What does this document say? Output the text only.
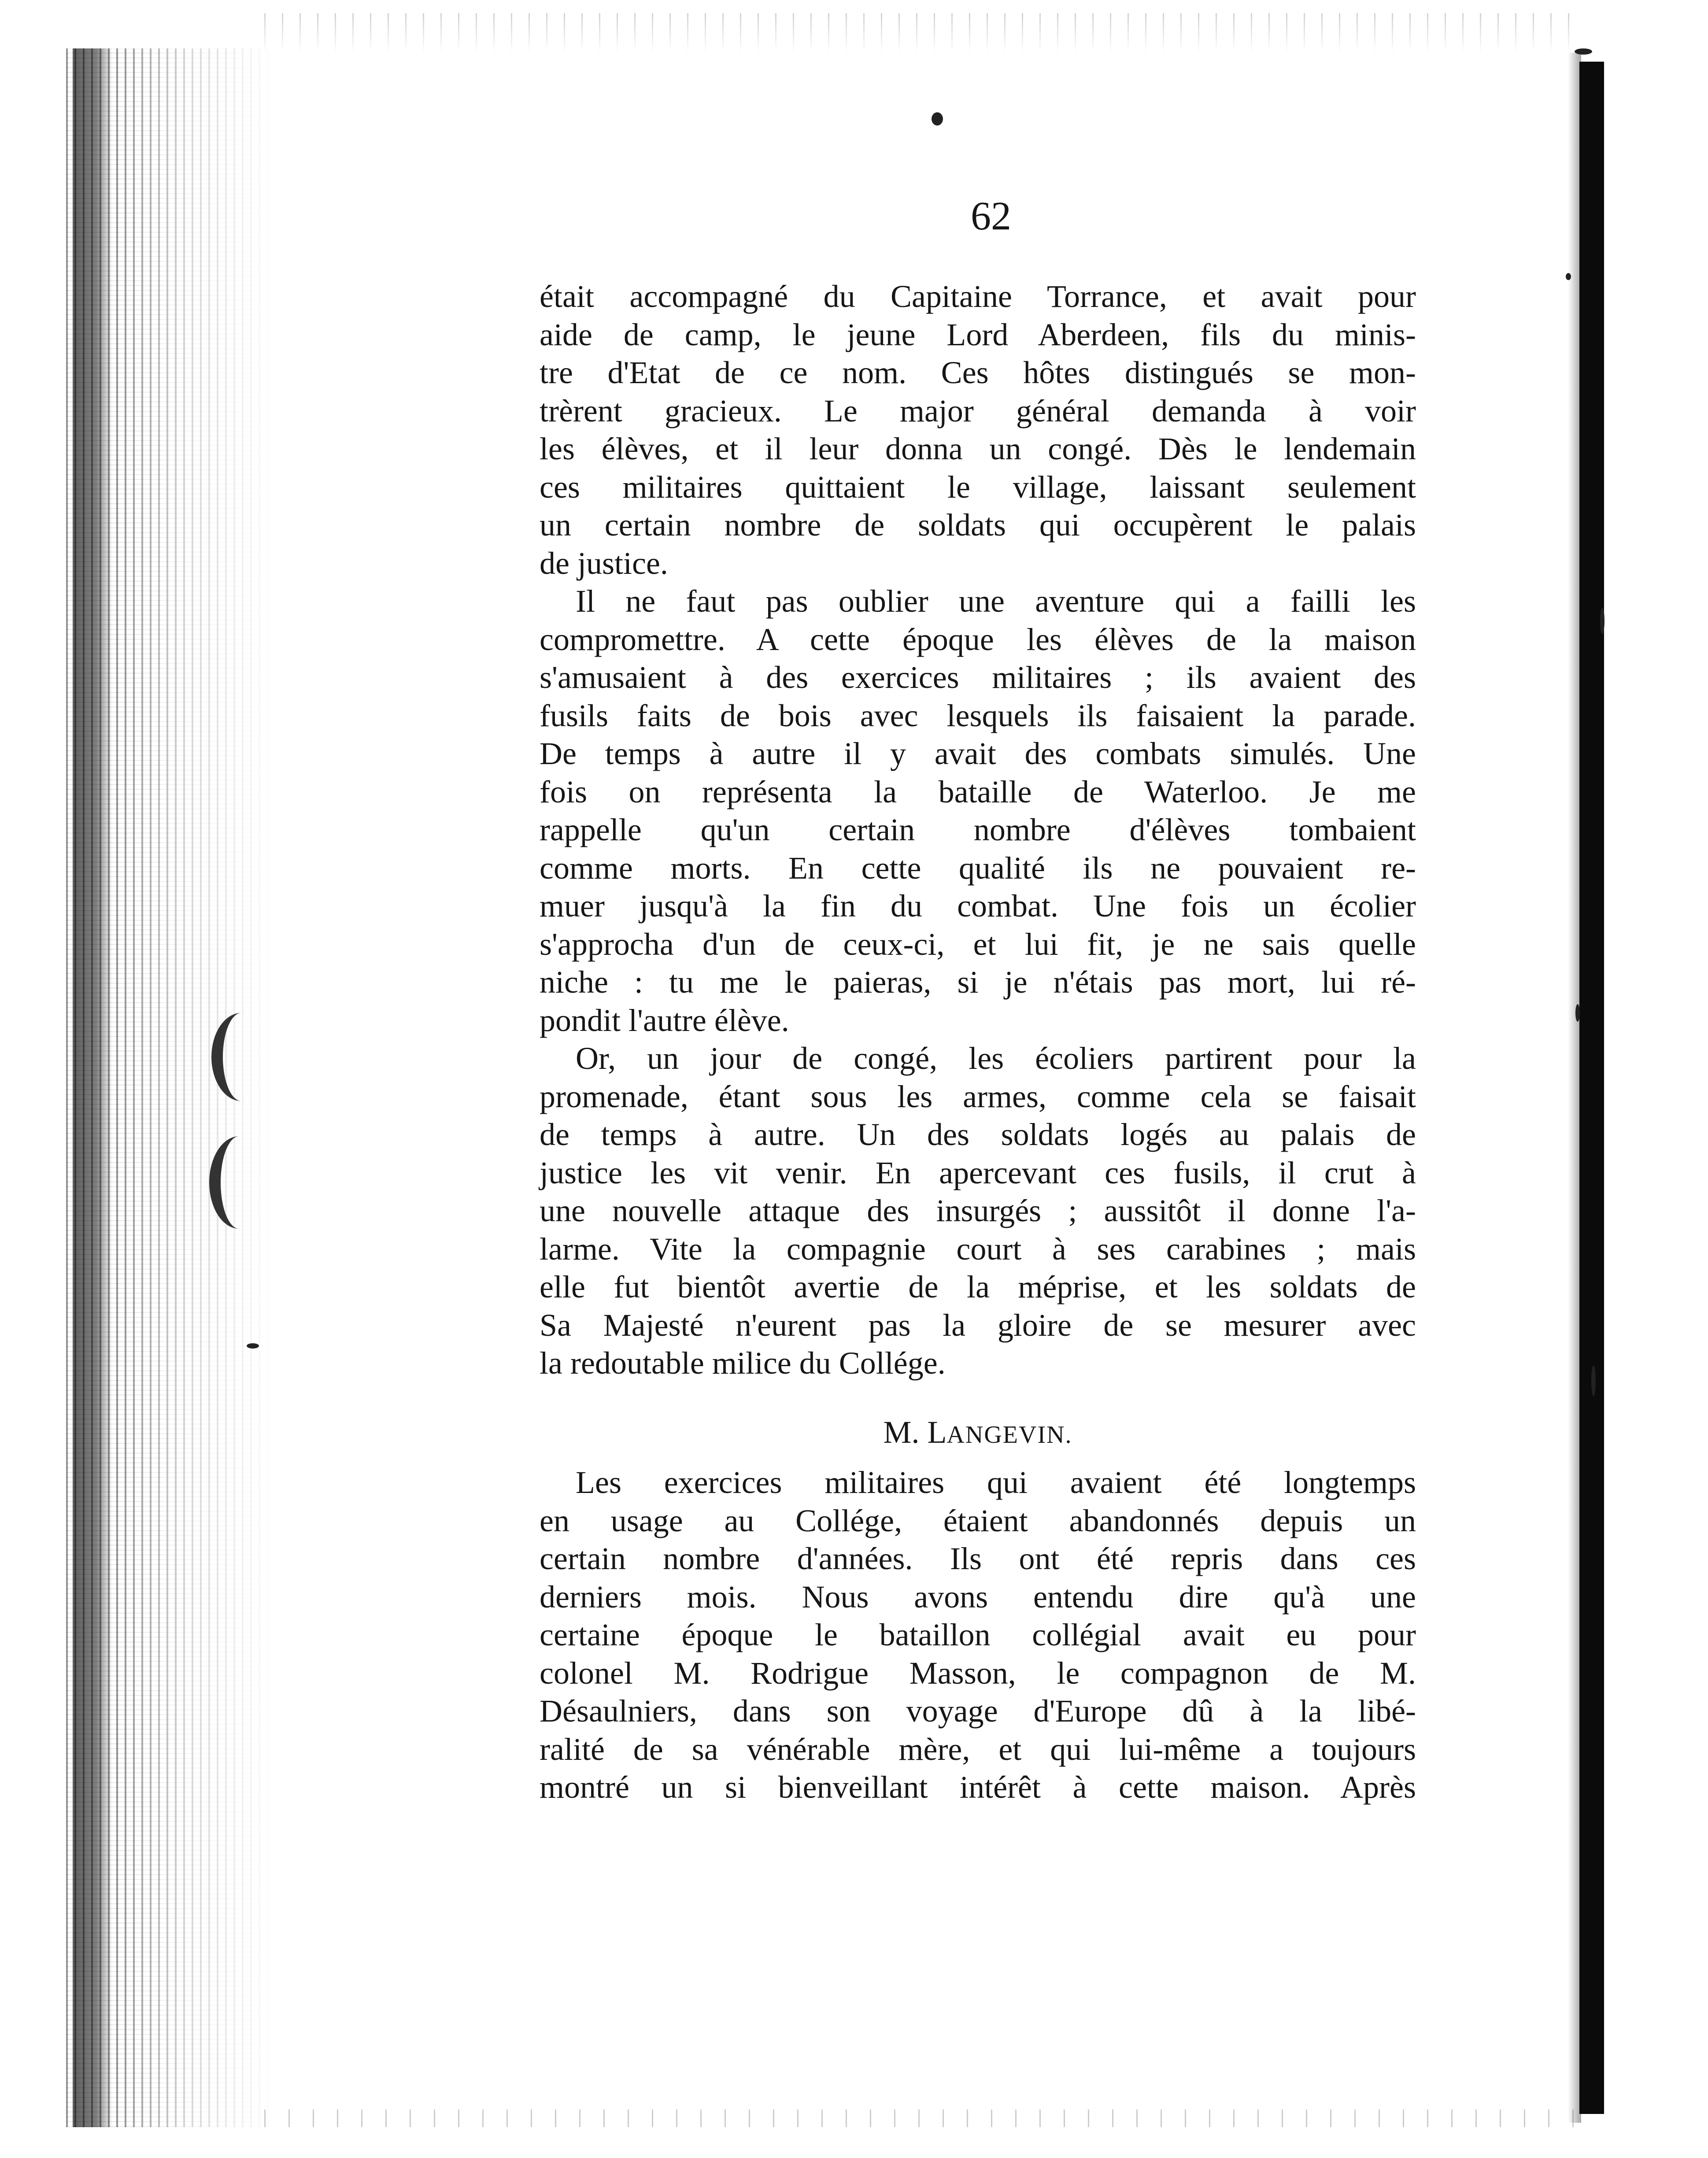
62

était accompagné du Capitaine Torrance, et avait pour
aide de camp, le jeune Lord Aberdeen, fils du minis-
tre d'Etat de ce nom. Ces hôtes distingués se mon-
trèrent gracieux. Le major général demanda à voir
les élèves, et il leur donna un congé. Dès le lendemain
ces militaires quittaient le village, laissant seulement
un certain nombre de soldats qui occupèrent le palais
de justice.
Il ne faut pas oublier une aventure qui a failli les
compromettre. A cette époque les élèves de la maison
s'amusaient à des exercices militaires ; ils avaient des
fusils faits de bois avec lesquels ils faisaient la parade.
De temps à autre il y avait des combats simulés. Une
fois on représenta la bataille de Waterloo. Je me
rappelle qu'un certain nombre d'élèves tombaient
comme morts. En cette qualité ils ne pouvaient re-
muer jusqu'à la fin du combat. Une fois un écolier
s'approcha d'un de ceux-ci, et lui fit, je ne sais quelle
niche : tu me le paieras, si je n'étais pas mort, lui ré-
pondit l'autre élève.
Or, un jour de congé, les écoliers partirent pour la
promenade, étant sous les armes, comme cela se faisait
de temps à autre. Un des soldats logés au palais de
justice les vit venir. En apercevant ces fusils, il crut à
une nouvelle attaque des insurgés ; aussitôt il donne l'a-
larme. Vite la compagnie court à ses carabines ; mais
elle fut bientôt avertie de la méprise, et les soldats de
Sa Majesté n'eurent pas la gloire de se mesurer avec
la redoutable milice du Collége.
M. LANGEVIN.
Les exercices militaires qui avaient été longtemps
en usage au Collége, étaient abandonnés depuis un
certain nombre d'années. Ils ont été repris dans ces
derniers mois. Nous avons entendu dire qu'à une
certaine époque le bataillon collégial avait eu pour
colonel M. Rodrigue Masson, le compagnon de M.
Désaulniers, dans son voyage d'Europe dû à la libé-
ralité de sa vénérable mère, et qui lui-même a toujours
montré un si bienveillant intérêt à cette maison. Après
